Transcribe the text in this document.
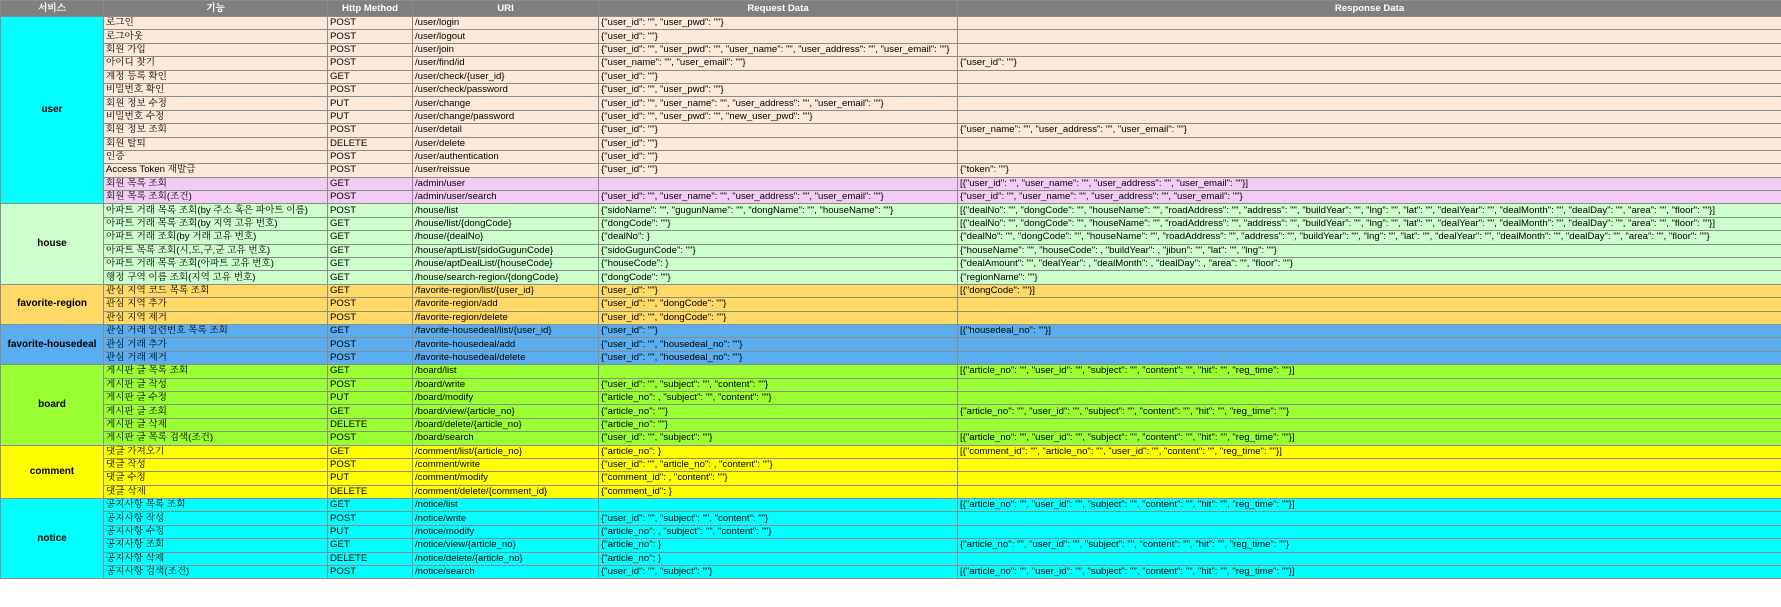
서비스	기능	Http Method	URI	Request Data	Response Data
user	로그인	POST	/user/login	{"user_id": "", "user_pwd": ""}	
	로그아웃	POST	/user/logout	{"user_id": ""}	
	회원 가입	POST	/user/join	{"user_id": "", "user_pwd": "", "user_name": "", "user_address": "", "user_email": ""}	
	아이디 찾기	POST	/user/find/id	{"user_name": "", "user_email": ""}	{"user_id": ""}
	계정 등록 확인	GET	/user/check/{user_id}	{"user_id": ""}	
	비밀번호 확인	POST	/user/check/password	{"user_id": "", "user_pwd": ""}	
	회원 정보 수정	PUT	/user/change	{"user_id": "", "user_name": "", "user_address": "", "user_email": ""}	
	비밀번호 수정	PUT	/user/change/password	{"user_id": "", "user_pwd": "", "new_user_pwd": ""}	
	회원 정보 조회	POST	/user/detail	{"user_id": ""}	{"user_name": "", "user_address": "", "user_email": ""}
	회원 탈퇴	DELETE	/user/delete	{"user_id": ""}	
	인증	POST	/user/authentication	{"user_id": ""}	
	Access Token 재발급	POST	/user/reissue	{"user_id": ""}	{"token": ""}
	회원 목록 조회	GET	/admin/user		[{"user_id": "", "user_name": "", "user_address": "", "user_email": ""}]
	회원 목록 조회(조건)	POST	/admin/user/search	{"user_id": "", "user_name": "", "user_address": "", "user_email": ""}	{"user_id": "", "user_name": "", "user_address": "", "user_email": ""}
house	아파트 거래 목록 조회(by 주소 혹은 파아트 이름)	POST	/house/list	{"sidoName": "", "gugunName": "", "dongName": "", "houseName": ""}	[{"dealNo": "", "dongCode": "", "houseName": "", "roadAddress": "", "address": "", "buildYear": "", "lng": "", "lat": "", "dealYear": "", "dealMonth": "", "dealDay": "", "area": "", "floor": ""}]
	아파트 거래 목록 조회(by 지역 고유 번호)	GET	/house/list/{dongCode}	{"dongCode": ""}	[{"dealNo": "", "dongCode": "", "houseName": "", "roadAddress": "", "address": "", "buildYear": "", "lng": "", "lat": "", "dealYear": "", "dealMonth": "", "dealDay": "", "area": "", "floor": ""}]
	아파트 거래 조회(by 거래 고유 번호)	GET	/house/{dealNo}	{"dealNo": }	{"dealNo": "", "dongCode": "", "houseName": "", "roadAddress": "", "address": "", "buildYear": "", "lng": "", "lat": "", "dealYear": "", "dealMonth": "", "dealDay": "", "area": "", "floor": ""}
	아파트 목록 조회(시,도,구,군 고유 번호)	GET	/house/aptList/{sidoGugunCode}	{"sidoGugunCode": ""}	{"houseName": "", "houseCode": , "buildYear": , "jibun": "", "lat": "", "lng": ""}
	아파트 거래 목록 조회(아파트 고유 번호)	GET	/house/aptDealList/{houseCode}	{"houseCode": }	{"dealAmount": "", "dealYear": , "dealMonth": , "dealDay": , "area": "", "floor": ""}
	행정 구역 이름 조회(지역 고유 번호)	GET	/house/search-region/{dongCode}	{"dongCode": ""}	{"regionName": ""}
favorite-region	관심 지역 코드 목록 조회	GET	/favorite-region/list/{user_id}	{"user_id": ""}	[{"dongCode": ""}]
	관심 지역 추가	POST	/favorite-region/add	{"user_id": "", "dongCode": ""}	
	관심 지역 제거	POST	/favorite-region/delete	{"user_id": "", "dongCode": ""}	
favorite-housedeal	관심 거래 일련번호 목록 조회	GET	/favorite-housedeal/list/{user_id}	{"user_id": ""}	[{"housedeal_no": ""}]
	관심 거래 추가	POST	/favorite-housedeal/add	{"user_id": "", "housedeal_no": ""}	
	관심 거래 제거	POST	/favorite-housedeal/delete	{"user_id": "", "housedeal_no": ""}	
board	게시판 글 목록 조회	GET	/board/list		[{"article_no": "", "user_id": "", "subject": "", "content": "", "hit": "", "reg_time": ""}]
	게시판 글 작성	POST	/board/write	{"user_id": "", "subject": "", "content": ""}	
	게시판 글 수정	PUT	/board/modify	{"article_no": , "subject": "", "content": ""}	
	게시판 글 조회	GET	/board/view/{article_no}	{"article_no": ""}	{"article_no": "", "user_id": "", "subject": "", "content": "", "hit": "", "reg_time": ""}
	게시판 글 삭제	DELETE	/board/delete/{article_no}	{"article_no": ""}	
	게시판 글 목록 검색(조건)	POST	/board/search	{"user_id": "", "subject": ""}	[{"article_no": "", "user_id": "", "subject": "", "content": "", "hit": "", "reg_time": ""}]
comment	댓글 가져오기	GET	/comment/list/{article_no}	{"article_no": }	[{"comment_id": "", "article_no": "", "user_id": "", "content": "", "reg_time": ""}]
	댓글 작성	POST	/comment/write	{"user_id": "", "article_no": , "content": ""}	
	댓글 수정	PUT	/comment/modify	{"comment_id": , "content": ""}	
	댓글 삭제	DELETE	/comment/delete/{comment_id}	{"comment_id": }	
notice	공지사항 목록 조회	GET	/notice/list		[{"article_no": "", "user_id": "", "subject": "", "content": "", "hit": "", "reg_time": ""}]
	공지사항 작성	POST	/notice/write	{"user_id": "", "subject": "", "content": ""}	
	공지사항 수정	PUT	/notice/modify	{"article_no": , "subject": "", "content": ""}	
	공지사항 조회	GET	/notice/view/{article_no}	{"article_no": }	{"article_no": "", "user_id": "", "subject": "", "content": "", "hit": "", "reg_time": ""}
	공지사항 삭제	DELETE	/notice/delete/{article_no}	{"article_no": }	
	공지사항 검색(조건)	POST	/notice/search	{"user_id": "", "subject": ""}	[{"article_no": "", "user_id": "", "subject": "", "content": "", "hit": "", "reg_time": ""}]
